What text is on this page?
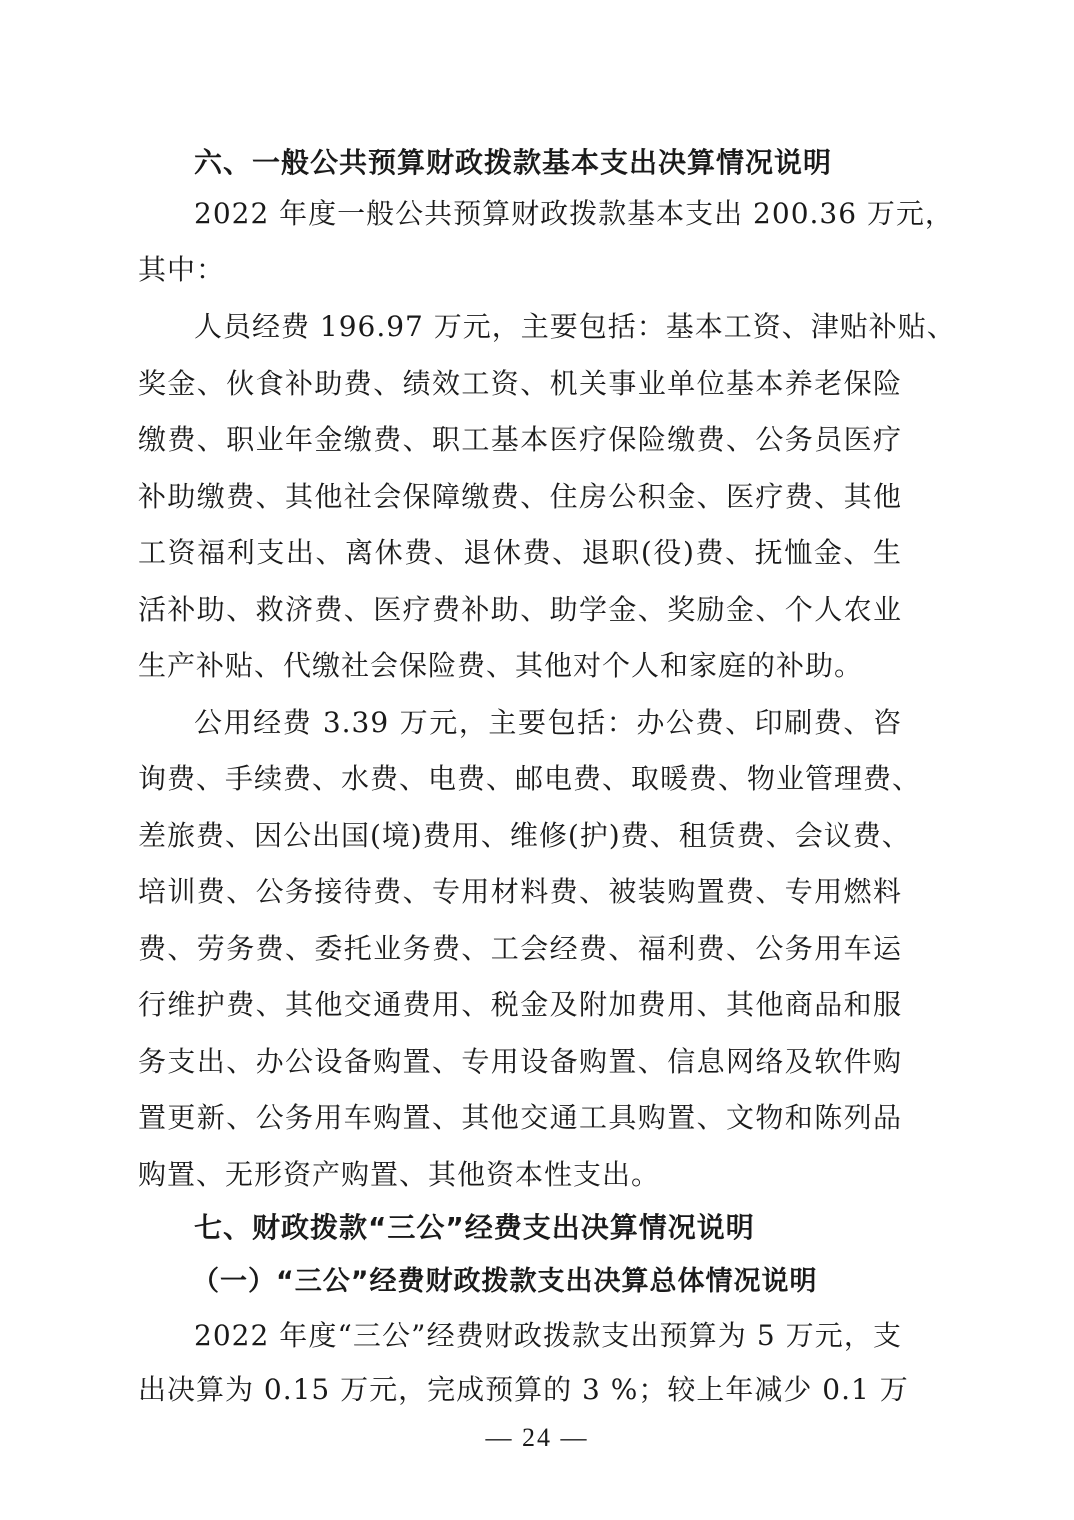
六、一般公共预算财政拨款基本支出决算情况说明
2022 年度一般公共预算财政拨款基本支出 200.36 万元，
其中：
人员经费 196.97 万元，主要包括：基本工资、津贴补贴、
奖金、伙食补助费、绩效工资、机关事业单位基本养老保险
缴费、职业年金缴费、职工基本医疗保险缴费、公务员医疗
补助缴费、其他社会保障缴费、住房公积金、医疗费、其他
工资福利支出、离休费、退休费、退职(役)费、抚恤金、生
活补助、救济费、医疗费补助、助学金、奖励金、个人农业
生产补贴、代缴社会保险费、其他对个人和家庭的补助。
公用经费 3.39 万元，主要包括：办公费、印刷费、咨
询费、手续费、水费、电费、邮电费、取暖费、物业管理费、
差旅费、因公出国(境)费用、维修(护)费、租赁费、会议费、
培训费、公务接待费、专用材料费、被装购置费、专用燃料
费、劳务费、委托业务费、工会经费、福利费、公务用车运
行维护费、其他交通费用、税金及附加费用、其他商品和服
务支出、办公设备购置、专用设备购置、信息网络及软件购
置更新、公务用车购置、其他交通工具购置、文物和陈列品
购置、无形资产购置、其他资本性支出。
七、财政拨款“三公”经费支出决算情况说明
（一）“三公”经费财政拨款支出决算总体情况说明
2022 年度“三公”经费财政拨款支出预算为 5 万元，支
出决算为 0.15 万元，完成预算的 3 %；较上年减少 0.1 万
— 24 —
